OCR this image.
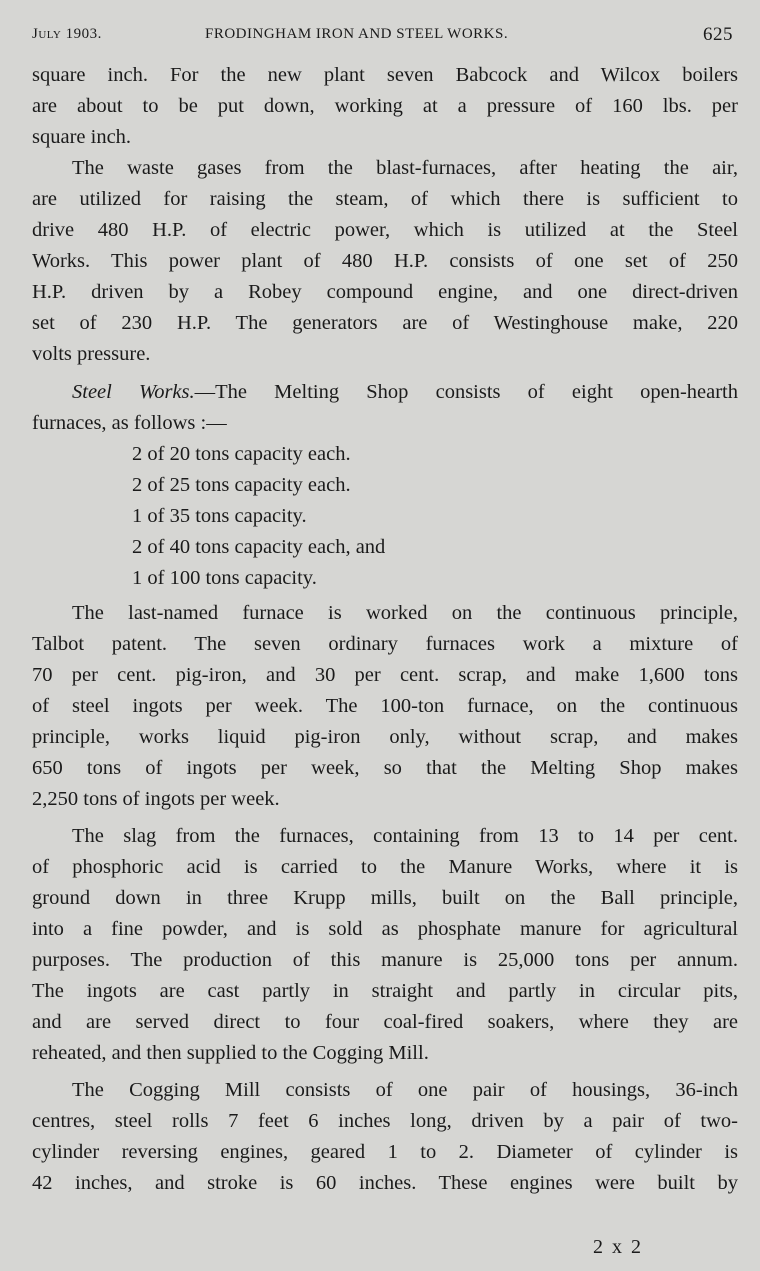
July 1903.	FRODINGHAM IRON AND STEEL WORKS.	625
square inch. For the new plant seven Babcock and Wilcox boilers
are about to be put down, working at a pressure of 160 lbs. per
square inch.
The waste gases from the blast-furnaces, after heating the air,
are utilized for raising the steam, of which there is sufficient to
drive 480 H.P. of electric power, which is utilized at the Steel
Works. This power plant of 480 H.P. consists of one set of 250
H.P. driven by a Robey compound engine, and one direct-driven
set of 230 H.P. The generators are of Westinghouse make, 220
volts pressure.
Steel Works.—The Melting Shop consists of eight open-hearth
furnaces, as follows :—
2 of 20 tons capacity each.
2 of 25 tons capacity each.
1 of 35 tons capacity.
2 of 40 tons capacity each, and
1 of 100 tons capacity.
The last-named furnace is worked on the continuous principle,
Talbot patent. The seven ordinary furnaces work a mixture of
70 per cent. pig-iron, and 30 per cent. scrap, and make 1,600 tons
of steel ingots per week. The 100-ton furnace, on the continuous
principle, works liquid pig-iron only, without scrap, and makes
650 tons of ingots per week, so that the Melting Shop makes
2,250 tons of ingots per week.
The slag from the furnaces, containing from 13 to 14 per cent.
of phosphoric acid is carried to the Manure Works, where it is
ground down in three Krupp mills, built on the Ball principle,
into a fine powder, and is sold as phosphate manure for agricultural
purposes. The production of this manure is 25,000 tons per annum.
The ingots are cast partly in straight and partly in circular pits,
and are served direct to four coal-fired soakers, where they are
reheated, and then supplied to the Cogging Mill.
The Cogging Mill consists of one pair of housings, 36-inch
centres, steel rolls 7 feet 6 inches long, driven by a pair of two-
cylinder reversing engines, geared 1 to 2. Diameter of cylinder is
42 inches, and stroke is 60 inches. These engines were built by
2 x 2
